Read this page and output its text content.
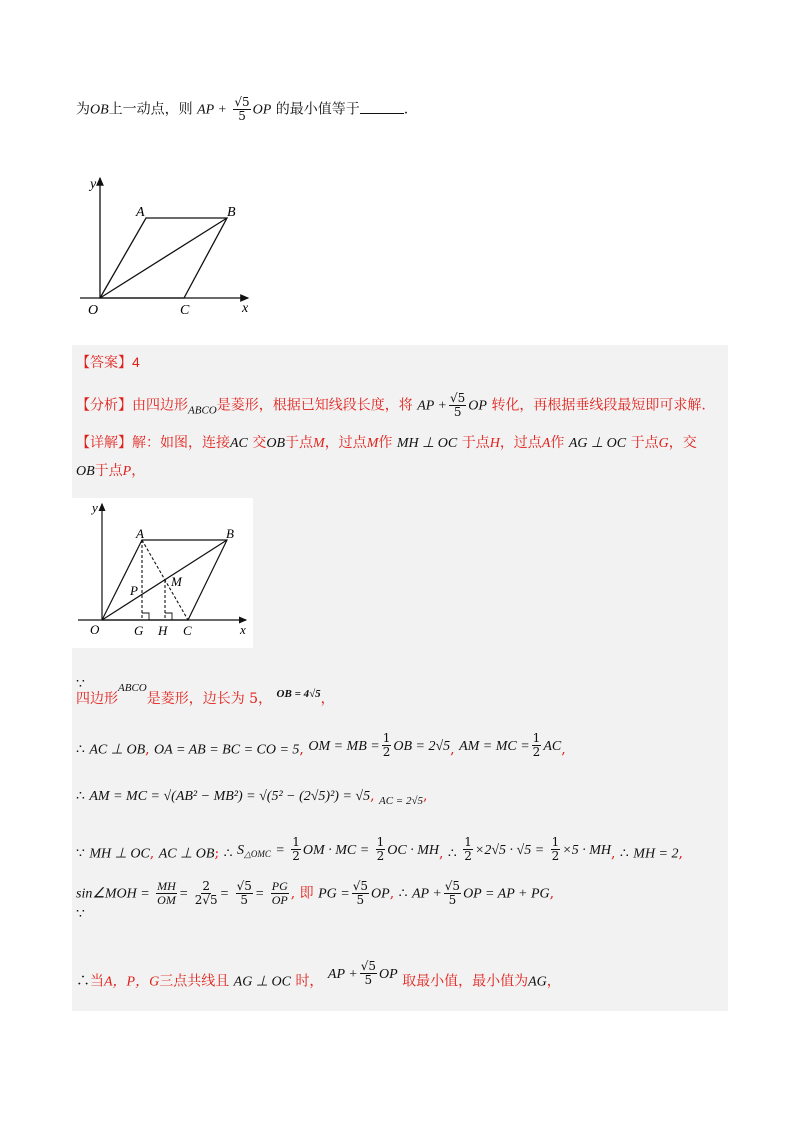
为OB上一动点，则 AP + $\frac{√5}{5}$ OP 的最小值等于	.
y
x
O
A	B
C
【答案】4
【分析】由四边形$_{ABCO}$是菱形，根据已知线段长度，将 AP + $\frac{√5}{5}$ OP 转化，再根据垂线段最短即可求解.
【详解】解：如图，连接AC 交OB于点M，过点M作 MH ⊥ OC 于点H，过点A作 AG ⊥ OC 于点G，交
OB于点P，
y
x
O
A	B
C
M
P
G H
∵
四边形$^{ABCO}$是菱形，边长为 5， $^{OB = 4√5}$，
∴ AC ⊥ OB, OA = AB = BC = CO = 5, OM = MB = $\frac{1}{2}$ OB = 2√5, AM = MC = $\frac{1}{2}$ AC,
∴ AM = MC = √(AB² − MB²) = √(5² − (2√5)²) = √5, $_{AC = 2√5}$,
∵ MH ⊥ OC, AC ⊥ OB; ∴ S△OMC = $\frac{1}{2}$ OM · MC = $\frac{1}{2}$ OC · MH, ∴ $\frac{1}{2} \times 2√5 \cdot √5 = \frac{1}{2} \times 5$ · MH, ∴ MH = 2,
sin∠MOH = $\frac{MH}{OM} = \frac{2}{2√5} = \frac{√5}{5} = \frac{PG}{OP}$ , 即 PG = $\frac{√5}{5}$ OP, ∴ AP + $\frac{√5}{5}$ OP = AP + PG,
∵
∴当A，P，G三点共线且 AG ⊥ OC 时， AP + $\frac{√5}{5}$ OP 取最小值，最小值为AG，
